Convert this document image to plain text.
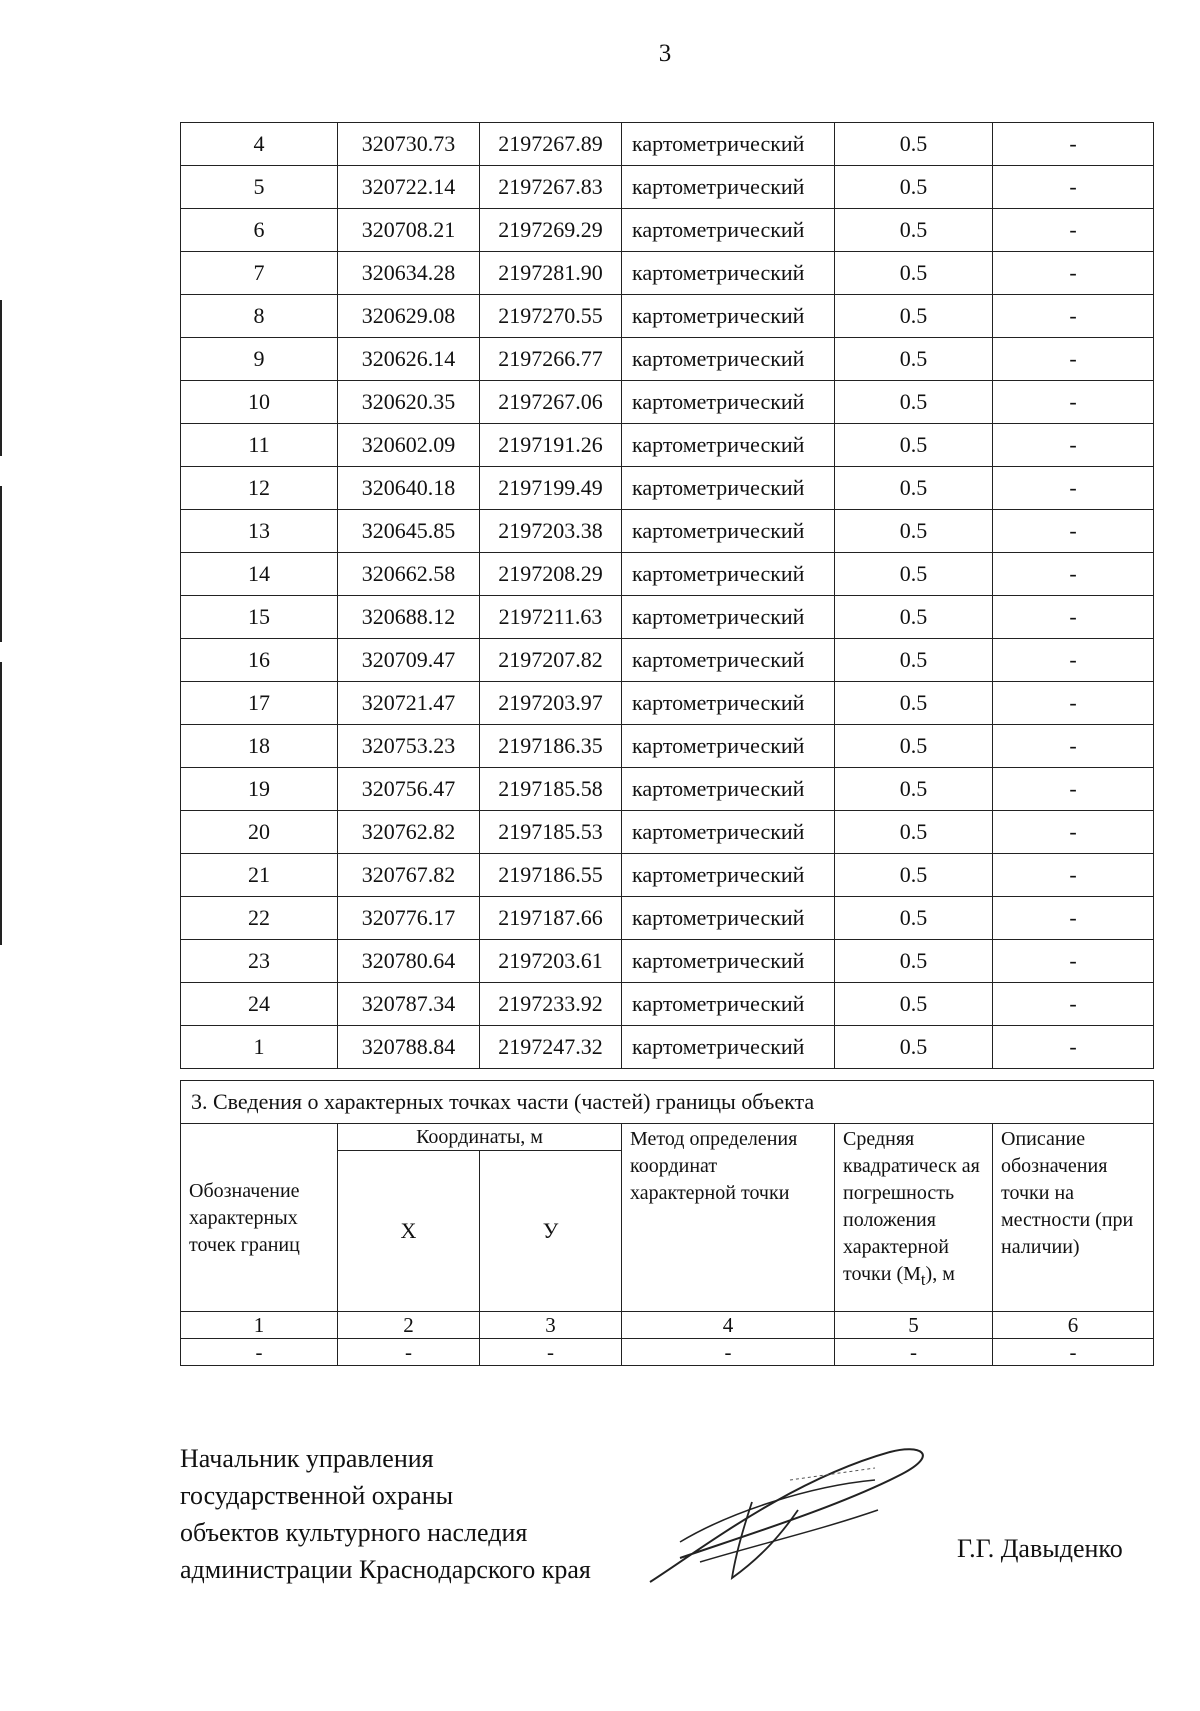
3
4	320730.73	2197267.89	картометрический	0.5	-
5	320722.14	2197267.83	картометрический	0.5	-
6	320708.21	2197269.29	картометрический	0.5	-
7	320634.28	2197281.90	картометрический	0.5	-
8	320629.08	2197270.55	картометрический	0.5	-
9	320626.14	2197266.77	картометрический	0.5	-
10	320620.35	2197267.06	картометрический	0.5	-
11	320602.09	2197191.26	картометрический	0.5	-
12	320640.18	2197199.49	картометрический	0.5	-
13	320645.85	2197203.38	картометрический	0.5	-
14	320662.58	2197208.29	картометрический	0.5	-
15	320688.12	2197211.63	картометрический	0.5	-
16	320709.47	2197207.82	картометрический	0.5	-
17	320721.47	2197203.97	картометрический	0.5	-
18	320753.23	2197186.35	картометрический	0.5	-
19	320756.47	2197185.58	картометрический	0.5	-
20	320762.82	2197185.53	картометрический	0.5	-
21	320767.82	2197186.55	картометрический	0.5	-
22	320776.17	2197187.66	картометрический	0.5	-
23	320780.64	2197203.61	картометрический	0.5	-
24	320787.34	2197233.92	картометрический	0.5	-
1	320788.84	2197247.32	картометрический	0.5	-
3. Сведения о характерных точках части (частей) границы объекта					
Обозначение характерных точек границ	Координаты, м		Метод определения координат характерной точки	Средняя квадратическ ая погрешность положения характерной точки $(M_t)$, м	Описание обозначения точки на местности (при наличии)
	X	У			
1	2	3	4	5	6
-	-	-	-	-	-
Начальник управления
государственной охраны
объектов культурного наследия
администрации Краснодарского края
Г.Г. Давыденко
